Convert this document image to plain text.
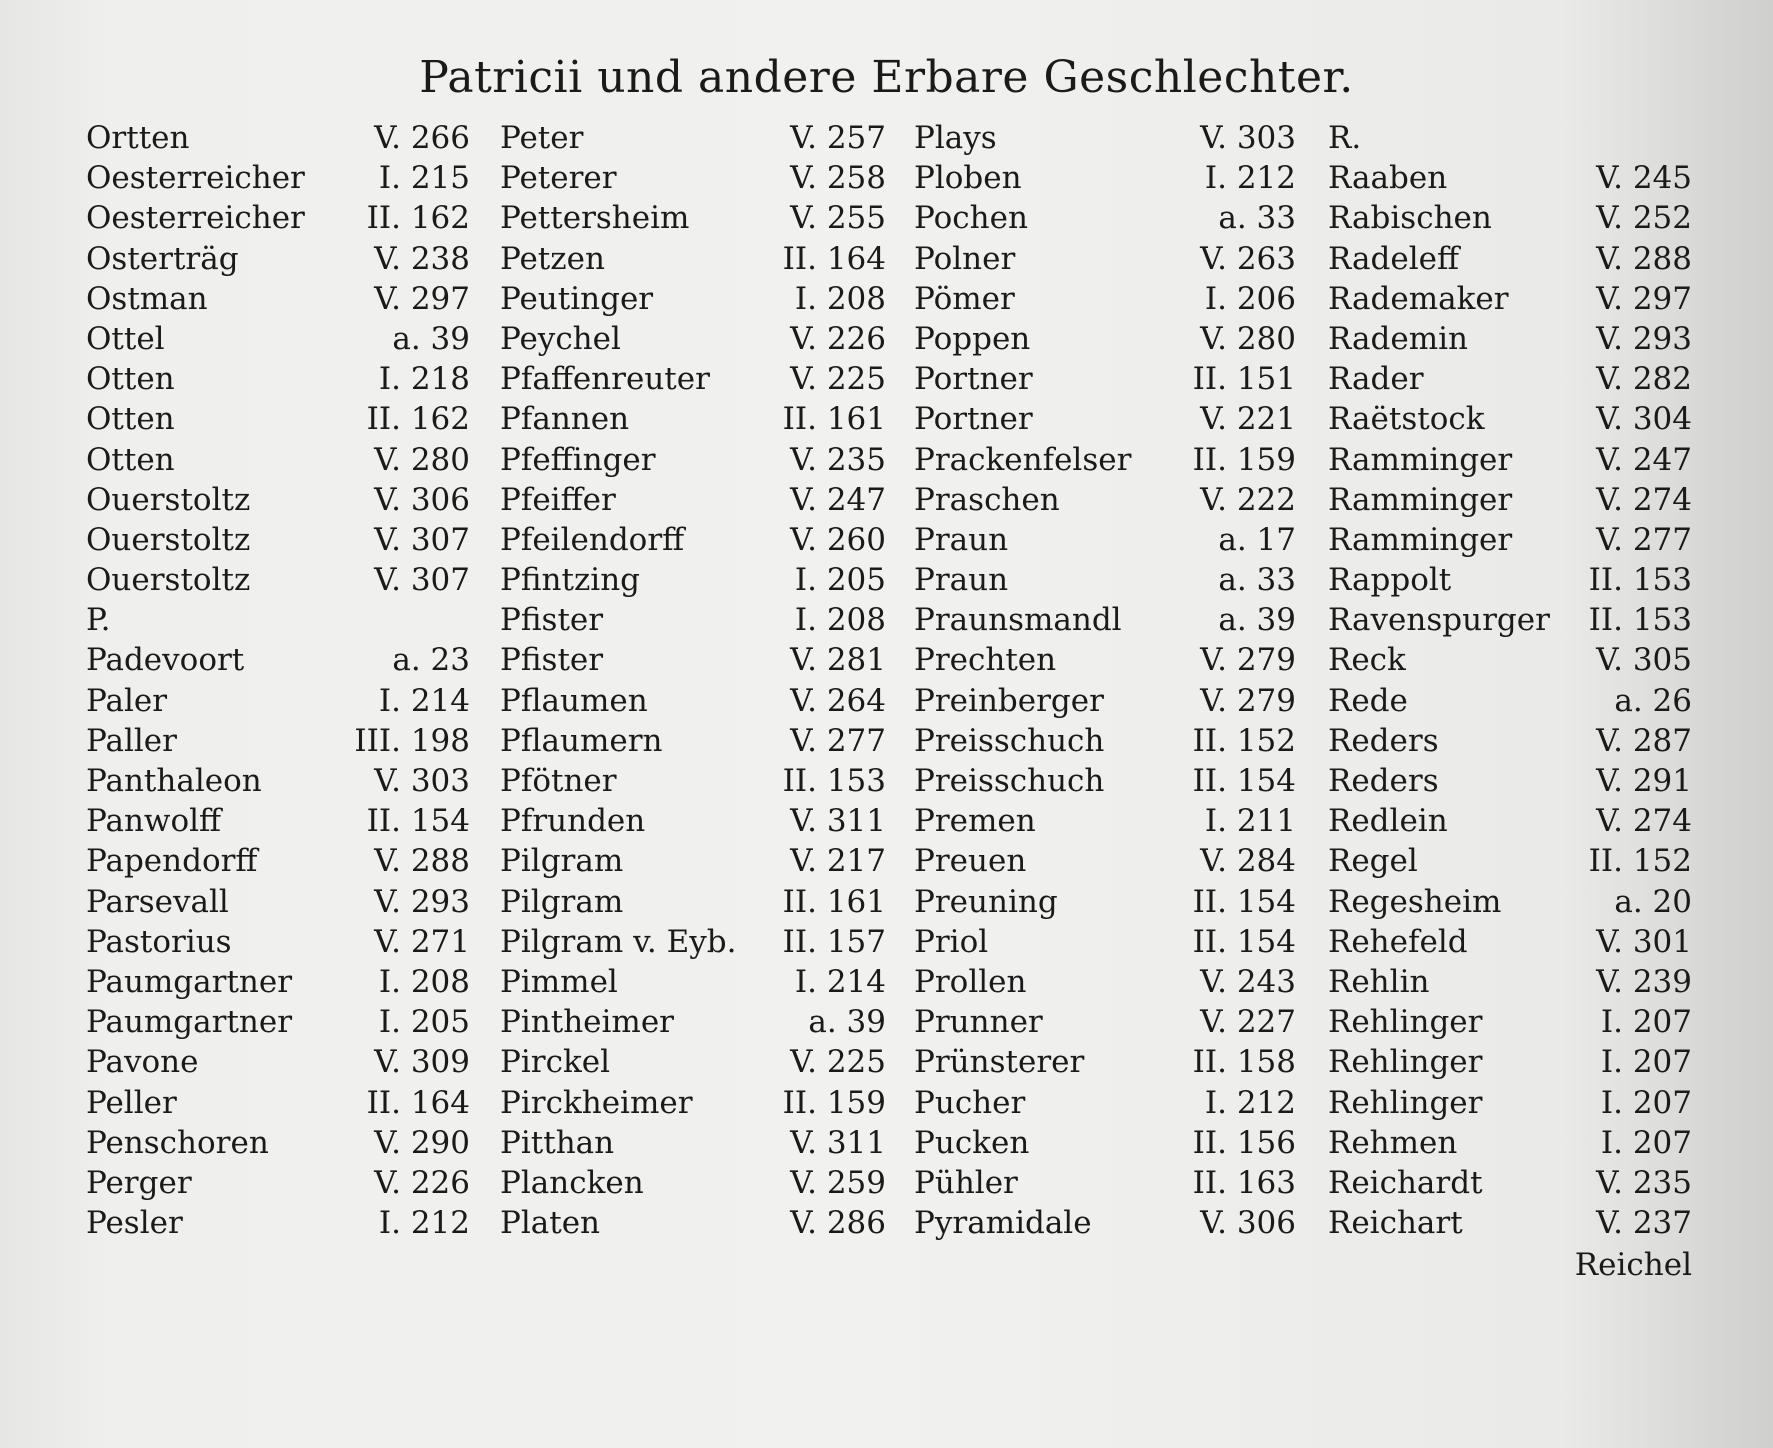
Patricii und andere Erbare Geschlechter.
Ortten	V. 266
Oesterreicher I. 215
Oesterreicher II. 162
Osterträg	V. 238
Ostman	V. 297
Ottel	a. 39
Otten	I. 218
Otten	II. 162
Otten	V. 280
Ouerstoltz	V. 306
Ouerstoltz	V. 307
Ouerstoltz	V. 307
P.
Padevoort	a. 23
Paler	I. 214
Paller	III. 198
Panthaleon	V. 303
Panwolff	II. 154
Papendorff	V. 288
Parsevall	V. 293
Pastorius	V. 271
Paumgartner	I. 208
Paumgartner	I. 205
Pavone	V. 309
Peller	II. 164
Penschoren	V. 290
Perger	V. 226
Pesler	I. 212
Peter	V. 257
Peterer	V. 258
Pettersheim	V. 255
Petzen	II. 164
Peutinger	I. 208
Peychel	V. 226
Pfaffenreuter	V. 225
Pfannen	II. 161
Pfeffinger	V. 235
Pfeiffer	V. 247
Pfeilendorff	V. 260
Pfintzing	I. 205
Pfister	I. 208
Pfister	V. 281
Pflaumen	V. 264
Pflaumern	V. 277
Pfötner	II. 153
Pfrunden	V. 311
Pilgram	V. 217
Pilgram	II. 161
Pilgram v. Eyb. II. 157
Pimmel	I. 214
Pintheimer	a. 39
Pirckel	V. 225
Pirckheimer	II. 159
Pitthan	V. 311
Plancken	V. 259
Platen	V. 286
Plays	V. 303
Ploben	I. 212
Pochen	a. 33
Polner	V. 263
Pömer	I. 206
Poppen	V. 280
Portner	II. 151
Portner	V. 221
Prackenfelser II. 159
Praschen	V. 222
Praun	a. 17
Praun	a. 33
Praunsmandl	a. 39
Prechten	V. 279
Preinberger	V. 279
Preisschuch	II. 152
Preisschuch	II. 154
Premen	I. 211
Preuen	V. 284
Preuning	II. 154
Priol	II. 154
Prollen	V. 243
Prunner	V. 227
Prünsterer	II. 158
Pucher	I. 212
Pucken	II. 156
Pühler	II. 163
Pyramidale	V. 306
R.
Raaben	V. 245
Rabischen	V. 252
Radeleff	V. 288
Rademaker	V. 297
Rademin	V. 293
Rader	V. 282
Raëtstock	V. 304
Ramminger	V. 247
Ramminger	V. 274
Ramminger	V. 277
Rappolt	II. 153
Ravenspurger II. 153
Reck	V. 305
Rede	a. 26
Reders	V. 287
Reders	V. 291
Redlein	V. 274
Regel	II. 152
Regesheim	a. 20
Rehefeld	V. 301
Rehlin	V. 239
Rehlinger	I. 207
Rehlinger	I. 207
Rehlinger	I. 207
Rehmen	I. 207
Reichardt	V. 235
Reichart	V. 237
Reichel
